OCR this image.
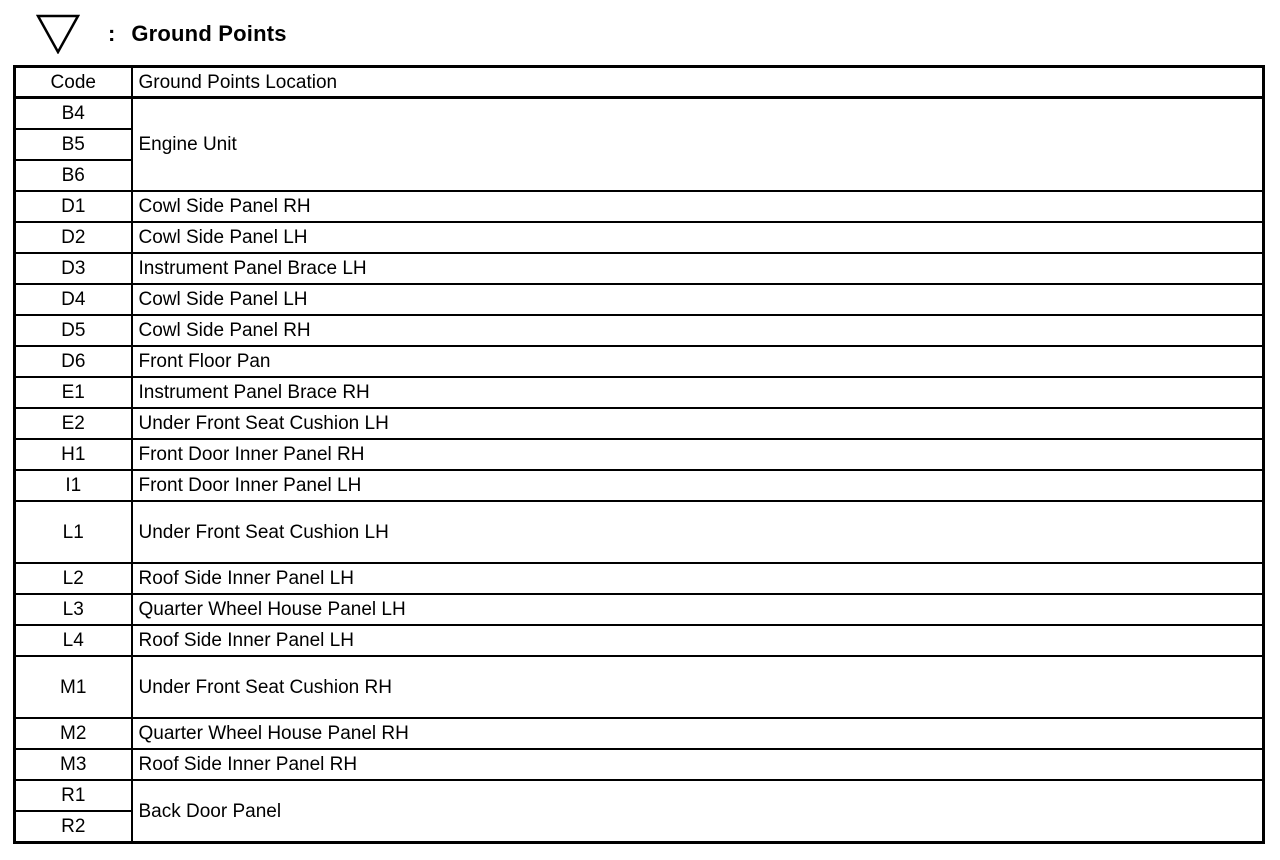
: Ground Points
Code	Ground Points Location
B4	Engine Unit
B5	
B6	
D1	Cowl Side Panel RH
D2	Cowl Side Panel LH
D3	Instrument Panel Brace LH
D4	Cowl Side Panel LH
D5	Cowl Side Panel RH
D6	Front Floor Pan
E1	Instrument Panel Brace RH
E2	Under Front Seat Cushion LH
H1	Front Door Inner Panel RH
I1	Front Door Inner Panel LH
L1	Under Front Seat Cushion LH
L2	Roof Side Inner Panel LH
L3	Quarter Wheel House Panel LH
L4	Roof Side Inner Panel LH
M1	Under Front Seat Cushion RH
M2	Quarter Wheel House Panel RH
M3	Roof Side Inner Panel RH
R1	Back Door Panel
R2	
